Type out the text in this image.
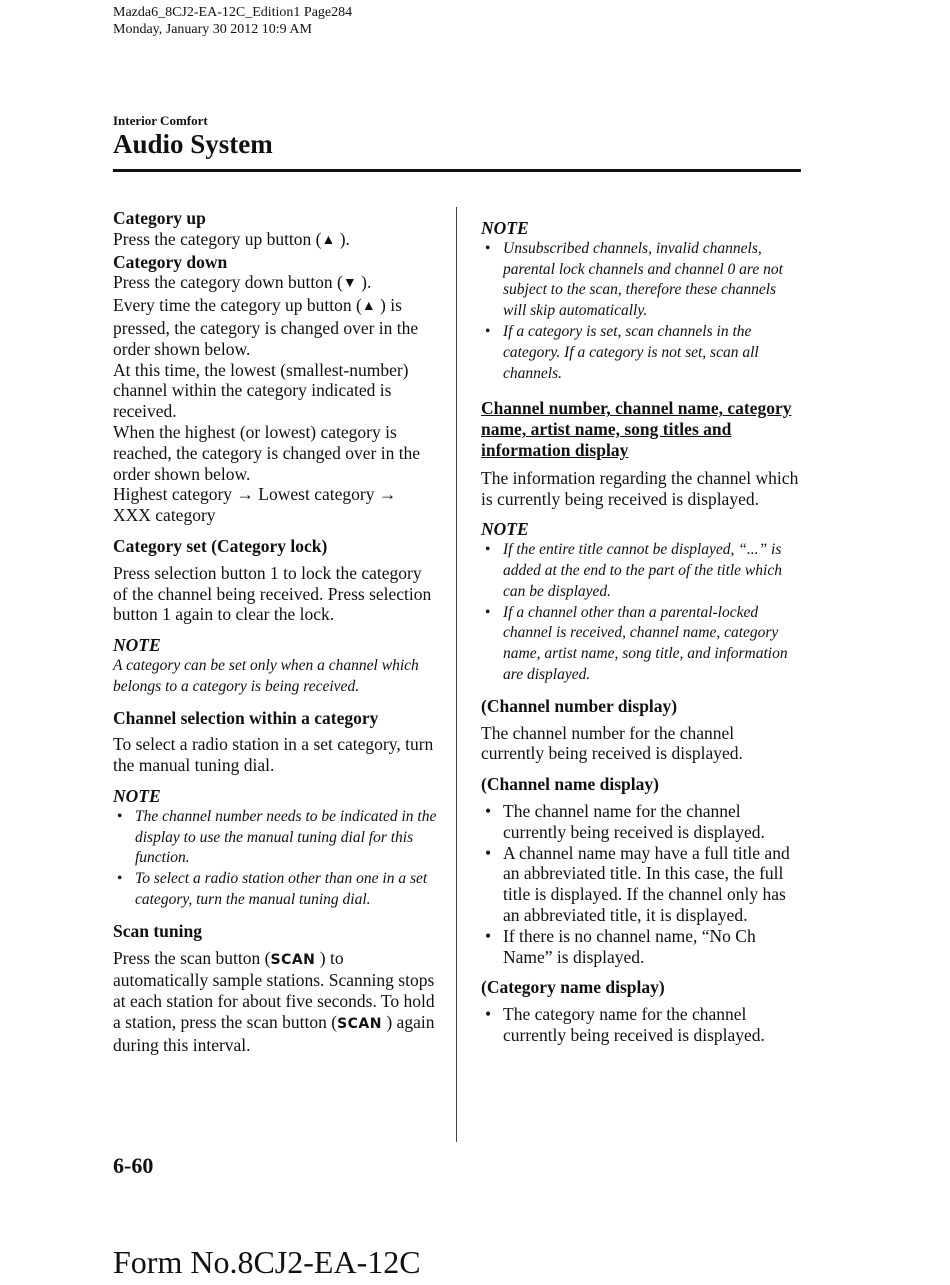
Mazda6_8CJ2-EA-12C_Edition1 Page284
Monday, January 30 2012 10:9 AM
Interior Comfort
Audio System

Category up

Press the category up button (▲ ).

Category down

Press the category down button (▼ ).

Every time the category up button (▲ ) is pressed, the category is changed over in the order shown below.

At this time, the lowest (smallest-number) channel within the category indicated is received.

When the highest (or lowest) category is reached, the category is changed over in the order shown below.

Highest category → Lowest category → XXX category

Category set (Category lock)

Press selection button 1 to lock the category of the channel being received. Press selection button 1 again to clear the lock.

NOTE

A category can be set only when a channel which belongs to a category is being received.

Channel selection within a category

To select a radio station in a set category, turn the manual tuning dial.

NOTE

• The channel number needs to be indicated in the display to use the manual tuning dial for this function.
• To select a radio station other than one in a set category, turn the manual tuning dial.

Scan tuning

Press the scan button (SCAN ) to automatically sample stations. Scanning stops at each station for about five seconds. To hold a station, press the scan button (SCAN ) again during this interval.

NOTE

• Unsubscribed channels, invalid channels, parental lock channels and channel 0 are not subject to the scan, therefore these channels will skip automatically.
• If a category is set, scan channels in the category. If a category is not set, scan all channels.

Channel number, channel name, category name, artist name, song titles and information display

The information regarding the channel which is currently being received is displayed.

NOTE

• If the entire title cannot be displayed, “...” is added at the end to the part of the title which can be displayed.
• If a channel other than a parental-locked channel is received, channel name, category name, artist name, song title, and information are displayed.

(Channel number display)

The channel number for the channel currently being received is displayed.

(Channel name display)

• The channel name for the channel currently being received is displayed.
• A channel name may have a full title and an abbreviated title. In this case, the full title is displayed. If the channel only has an abbreviated title, it is displayed.
• If there is no channel name, “No Ch Name” is displayed.

(Category name display)

• The category name for the channel currently being received is displayed.
6-60
Form No.8CJ2-EA-12C
